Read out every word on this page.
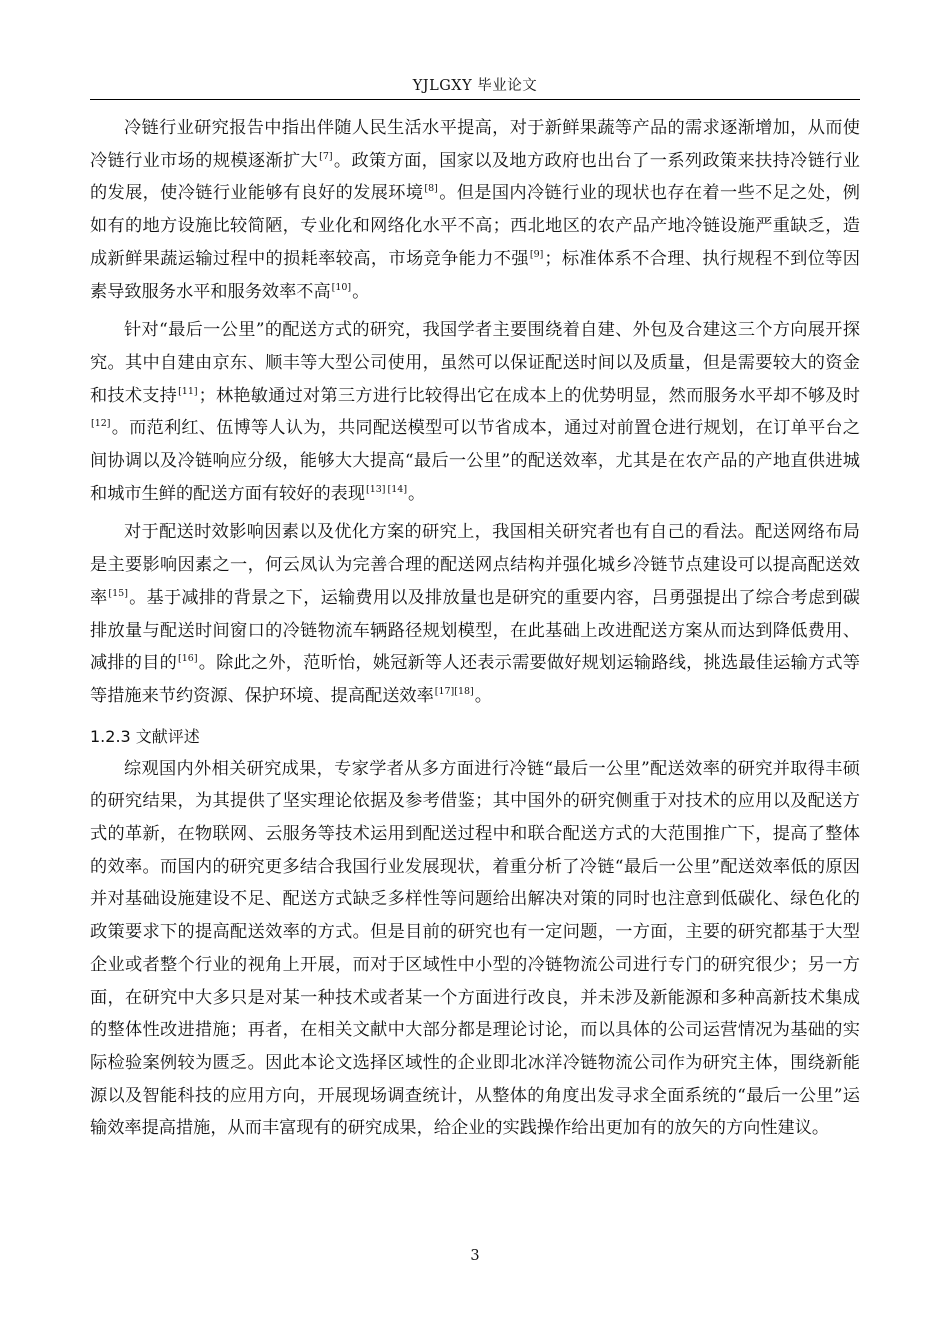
YJLGXY 毕业论文

冷链行业研究报告中指出伴随人民生活水平提高，对于新鲜果蔬等产品的需求逐渐增加，从而使冷链行业市场的规模逐渐扩大[7]。政策方面，国家以及地方政府也出台了一系列政策来扶持冷链行业的发展，使冷链行业能够有良好的发展环境[8]。但是国内冷链行业的现状也存在着一些不足之处，例如有的地方设施比较简陋，专业化和网络化水平不高；西北地区的农产品产地冷链设施严重缺乏，造成新鲜果蔬运输过程中的损耗率较高，市场竞争能力不强[9]；标准体系不合理、执行规程不到位等因素导致服务水平和服务效率不高[10]。

针对“最后一公里”的配送方式的研究，我国学者主要围绕着自建、外包及合建这三个方向展开探究。其中自建由京东、顺丰等大型公司使用，虽然可以保证配送时间以及质量，但是需要较大的资金和技术支持[11]；林艳敏通过对第三方进行比较得出它在成本上的优势明显，然而服务水平却不够及时[12]。而范利红、伍博等人认为，共同配送模型可以节省成本，通过对前置仓进行规划，在订单平台之间协调以及冷链响应分级，能够大大提高“最后一公里”的配送效率，尤其是在农产品的产地直供进城和城市生鲜的配送方面有较好的表现[13] [14]。

对于配送时效影响因素以及优化方案的研究上，我国相关研究者也有自己的看法。配送网络布局是主要影响因素之一，何云凤认为完善合理的配送网点结构并强化城乡冷链节点建设可以提高配送效率[15]。基于减排的背景之下，运输费用以及排放量也是研究的重要内容，吕勇强提出了综合考虑到碳排放量与配送时间窗口的冷链物流车辆路径规划模型，在此基础上改进配送方案从而达到降低费用、减排的目的[16]。除此之外，范昕怡，姚冠新等人还表示需要做好规划运输路线，挑选最佳运输方式等等措施来节约资源、保护环境、提高配送效率[17][18]。

1.2.3 文献评述

综观国内外相关研究成果，专家学者从多方面进行冷链“最后一公里”配送效率的研究并取得丰硕的研究结果，为其提供了坚实理论依据及参考借鉴；其中国外的研究侧重于对技术的应用以及配送方式的革新，在物联网、云服务等技术运用到配送过程中和联合配送方式的大范围推广下，提高了整体的效率。而国内的研究更多结合我国行业发展现状，着重分析了冷链“最后一公里”配送效率低的原因并对基础设施建设不足、配送方式缺乏多样性等问题给出解决对策的同时也注意到低碳化、绿色化的政策要求下的提高配送效率的方式。但是目前的研究也有一定问题，一方面，主要的研究都基于大型企业或者整个行业的视角上开展，而对于区域性中小型的冷链物流公司进行专门的研究很少；另一方面，在研究中大多只是对某一种技术或者某一个方面进行改良，并未涉及新能源和多种高新技术集成的整体性改进措施；再者，在相关文献中大部分都是理论讨论，而以具体的公司运营情况为基础的实际检验案例较为匮乏。因此本论文选择区域性的企业即北冰洋冷链物流公司作为研究主体，围绕新能源以及智能科技的应用方向，开展现场调查统计，从整体的角度出发寻求全面系统的“最后一公里”运输效率提高措施，从而丰富现有的研究成果，给企业的实践操作给出更加有的放矢的方向性建议。

3
